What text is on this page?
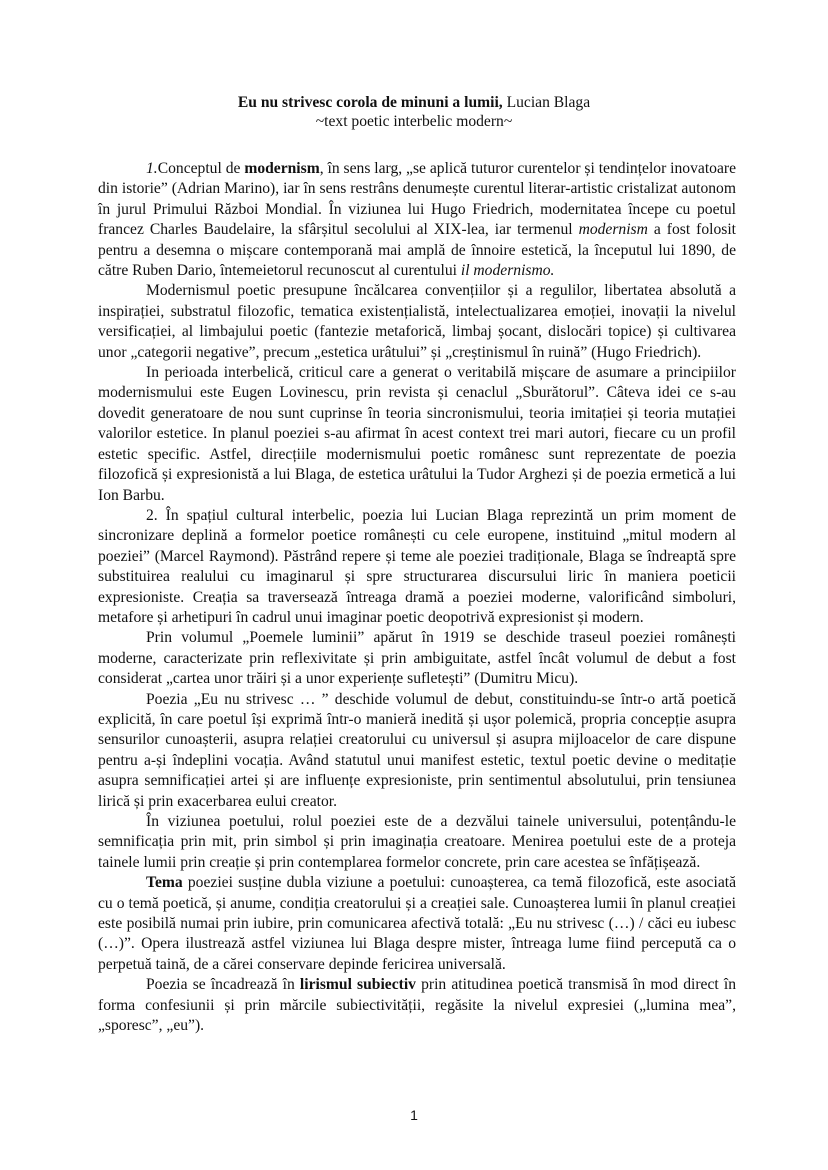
Eu nu strivesc corola de minuni a lumii, Lucian Blaga
~text poetic interbelic modern~

1.Conceptul de modernism, în sens larg, „se aplică tuturor curentelor și tendințelor inovatoare din istorie” (Adrian Marino), iar în sens restrâns denumește curentul literar-artistic cristalizat autonom în jurul Primului Război Mondial. În viziunea lui Hugo Friedrich, modernitatea începe cu poetul francez Charles Baudelaire, la sfârșitul secolului al XIX-lea, iar termenul modernism a fost folosit pentru a desemna o mișcare contemporană mai amplă de înnoire estetică, la începutul lui 1890, de către Ruben Dario, întemeietorul recunoscut al curentului il modernismo.

Modernismul poetic presupune încălcarea convențiilor și a regulilor, libertatea absolută a inspirației, substratul filozofic, tematica existențialistă, intelectualizarea emoției, inovații la nivelul versificației, al limbajului poetic (fantezie metaforică, limbaj șocant, dislocări topice) și cultivarea unor „categorii negative”, precum „estetica urâtului” și „creștinismul în ruină” (Hugo Friedrich).

In perioada interbelică, criticul care a generat o veritabilă mișcare de asumare a principiilor modernismului este Eugen Lovinescu, prin revista și cenaclul „Sburătorul”. Câteva idei ce s-au dovedit generatoare de nou sunt cuprinse în teoria sincronismului, teoria imitației și teoria mutației valorilor estetice. In planul poeziei s-au afirmat în acest context trei mari autori, fiecare cu un profil estetic specific. Astfel, direcțiile modernismului poetic românesc sunt reprezentate de poezia filozofică și expresionistă a lui Blaga, de estetica urâtului la Tudor Arghezi și de poezia ermetică a lui Ion Barbu.

2. În spațiul cultural interbelic, poezia lui Lucian Blaga reprezintă un prim moment de sincronizare deplină a formelor poetice românești cu cele europene, instituind „mitul modern al poeziei” (Marcel Raymond). Păstrând repere și teme ale poeziei tradiționale, Blaga se îndreaptă spre substituirea realului cu imaginarul și spre structurarea discursului liric în maniera poeticii expresioniste. Creația sa traversează întreaga dramă a poeziei moderne, valorificând simboluri, metafore și arhetipuri în cadrul unui imaginar poetic deopotrivă expresionist și modern.

Prin volumul „Poemele luminii” apărut în 1919 se deschide traseul poeziei românești moderne, caracterizate prin reflexivitate și prin ambiguitate, astfel încât volumul de debut a fost considerat „cartea unor trăiri și a unor experiențe sufletești” (Dumitru Micu).

Poezia „Eu nu strivesc … ” deschide volumul de debut, constituindu-se într-o artă poetică explicită, în care poetul își exprimă într-o manieră inedită și ușor polemică, propria concepție asupra sensurilor cunoașterii, asupra relației creatorului cu universul și asupra mijloacelor de care dispune pentru a-și îndeplini vocația. Având statutul unui manifest estetic, textul poetic devine o meditație asupra semnificației artei și are influențe expresioniste, prin sentimentul absolutului, prin tensiunea lirică și prin exacerbarea eului creator.

În viziunea poetului, rolul poeziei este de a dezvălui tainele universului, potențându-le semnificația prin mit, prin simbol și prin imaginația creatoare. Menirea poetului este de a proteja tainele lumii prin creație și prin contemplarea formelor concrete, prin care acestea se înfățișează.

Tema poeziei susține dubla viziune a poetului: cunoașterea, ca temă filozofică, este asociată cu o temă poetică, și anume, condiția creatorului și a creației sale. Cunoașterea lumii în planul creației este posibilă numai prin iubire, prin comunicarea afectivă totală: „Eu nu strivesc (…) / căci eu iubesc (…)”. Opera ilustrează astfel viziunea lui Blaga despre mister, întreaga lume fiind percepută ca o perpetuă taină, de a cărei conservare depinde fericirea universală.

Poezia se încadrează în lirismul subiectiv prin atitudinea poetică transmisă în mod direct în forma confesiunii și prin mărcile subiectivității, regăsite la nivelul expresiei („lumina mea”, „sporesc”, „eu”).

1
